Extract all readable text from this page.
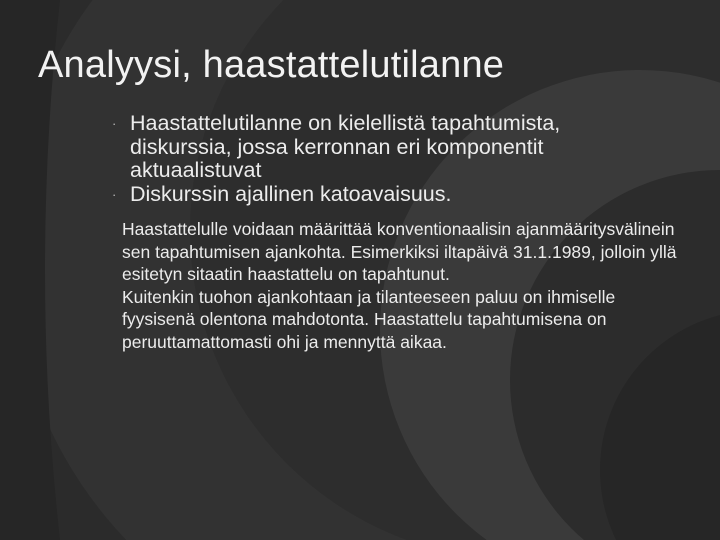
Analyysi, haastattelutilanne
· Haastattelutilanne on kielellistä tapahtumista, diskurssia, jossa kerronnan eri komponentit aktuaalistuvat
· Diskurssin ajallinen katoavaisuus.
Haastattelulle voidaan määrittää konventionaalisin ajanmääritysvälinein sen tapahtumisen ajankohta. Esimerkiksi iltapäivä 31.1.1989, jolloin yllä esitetyn sitaatin haastattelu on tapahtunut.
Kuitenkin tuohon ajankohtaan ja tilanteeseen paluu on ihmiselle fyysisenä olentona mahdotonta. Haastattelu tapahtumisena on peruuttamattomasti ohi ja mennyttä aikaa.
